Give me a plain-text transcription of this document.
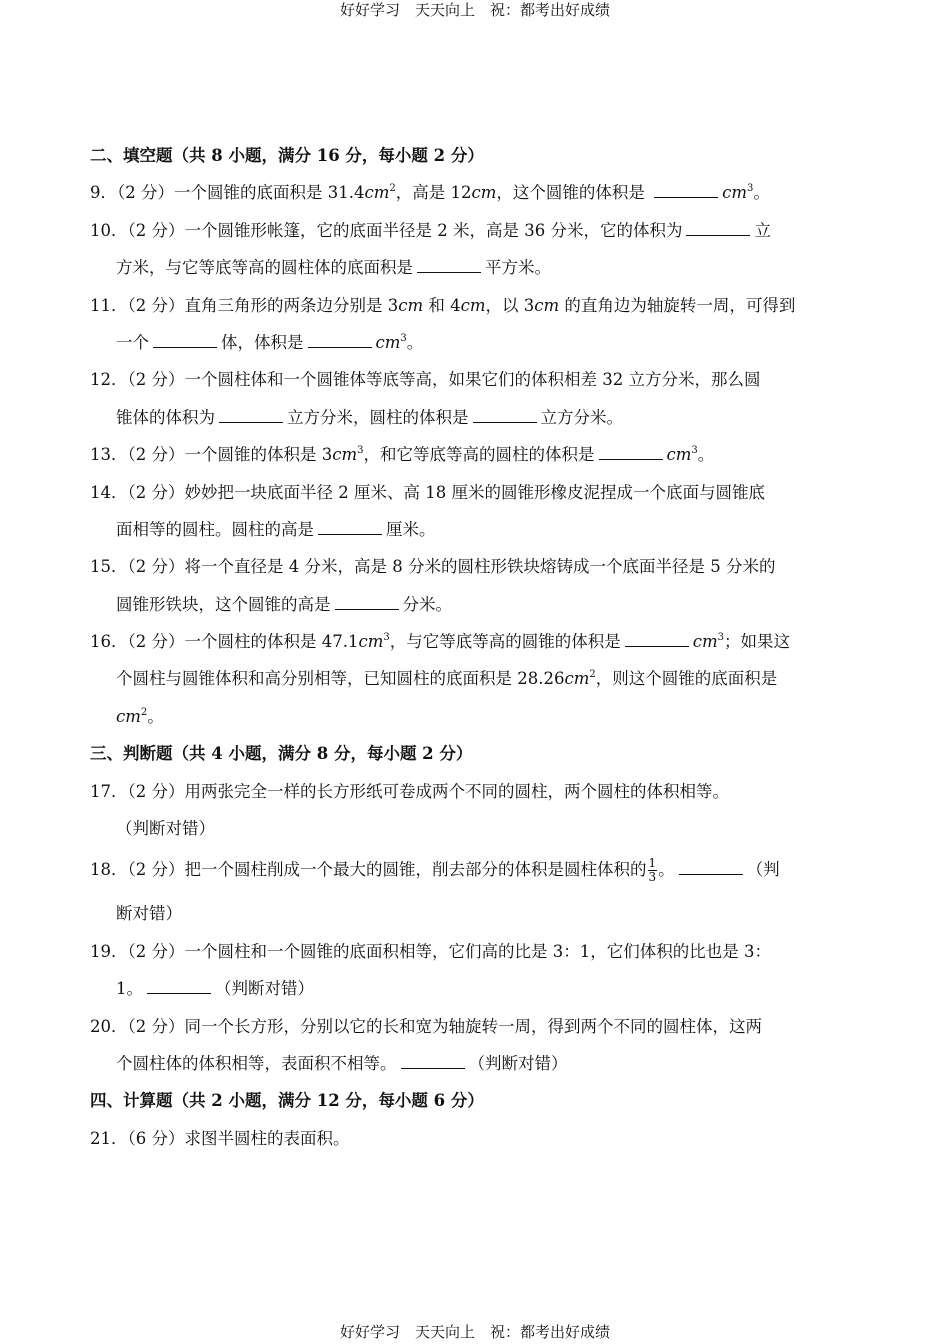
好好学习　天天向上　祝：都考出好成绩
二、填空题（共 8 小题，满分 16 分，每小题 2 分）
9．（2 分）一个圆锥的底面积是 $31.4cm^2$，高是 12cm，这个圆锥的体积是	$cm^3$。
10．（2 分）一个圆锥形帐篷，它的底面半径是 2 米，高是 36 分米，它的体积为	立
方米，与它等底等高的圆柱体的底面积是	平方米。
11．（2 分）直角三角形的两条边分别是 3cm 和 4cm，以 3cm 的直角边为轴旋转一周，可得到
一个	体，体积是	$cm^3$。
12．（2 分）一个圆柱体和一个圆锥体等底等高，如果它们的体积相差 32 立方分米，那么圆
锥体的体积为	立方分米，圆柱的体积是	立方分米。
13．（2 分）一个圆锥的体积是 $3cm^3$，和它等底等高的圆柱的体积是	$cm^3$。
14．（2 分）妙妙把一块底面半径 2 厘米、高 18 厘米的圆锥形橡皮泥捏成一个底面与圆锥底
面相等的圆柱。圆柱的高是	厘米。
15．（2 分）将一个直径是 4 分米，高是 8 分米的圆柱形铁块熔铸成一个底面半径是 5 分米的
圆锥形铁块，这个圆锥的高是	分米。
16．（2 分）一个圆柱的体积是 $47.1cm^3$，与它等底等高的圆锥的体积是	$cm^3$；如果这
个圆柱与圆锥体积和高分别相等，已知圆柱的底面积是 $28.26cm^2$，则这个圆锥的底面积是
$cm^2$。
三、判断题（共 4 小题，满分 8 分，每小题 2 分）
17．（2 分）用两张完全一样的长方形纸可卷成两个不同的圆柱，两个圆柱的体积相等。
（判断对错）
18．（2 分）把一个圆柱削成一个最大的圆锥，削去部分的体积是圆柱体积的 $\frac{1}{3}$ 。	（判
断对错）
19．（2 分）一个圆柱和一个圆锥的底面积相等，它们高的比是 3：1，它们体积的比也是 3：
1。	（判断对错）
20．（2 分）同一个长方形，分别以它的长和宽为轴旋转一周，得到两个不同的圆柱体，这两
个圆柱体的体积相等，表面积不相等。	（判断对错）
四、计算题（共 2 小题，满分 12 分，每小题 6 分）
21．（6 分）求图半圆柱的表面积。
好好学习　天天向上　祝：都考出好成绩
